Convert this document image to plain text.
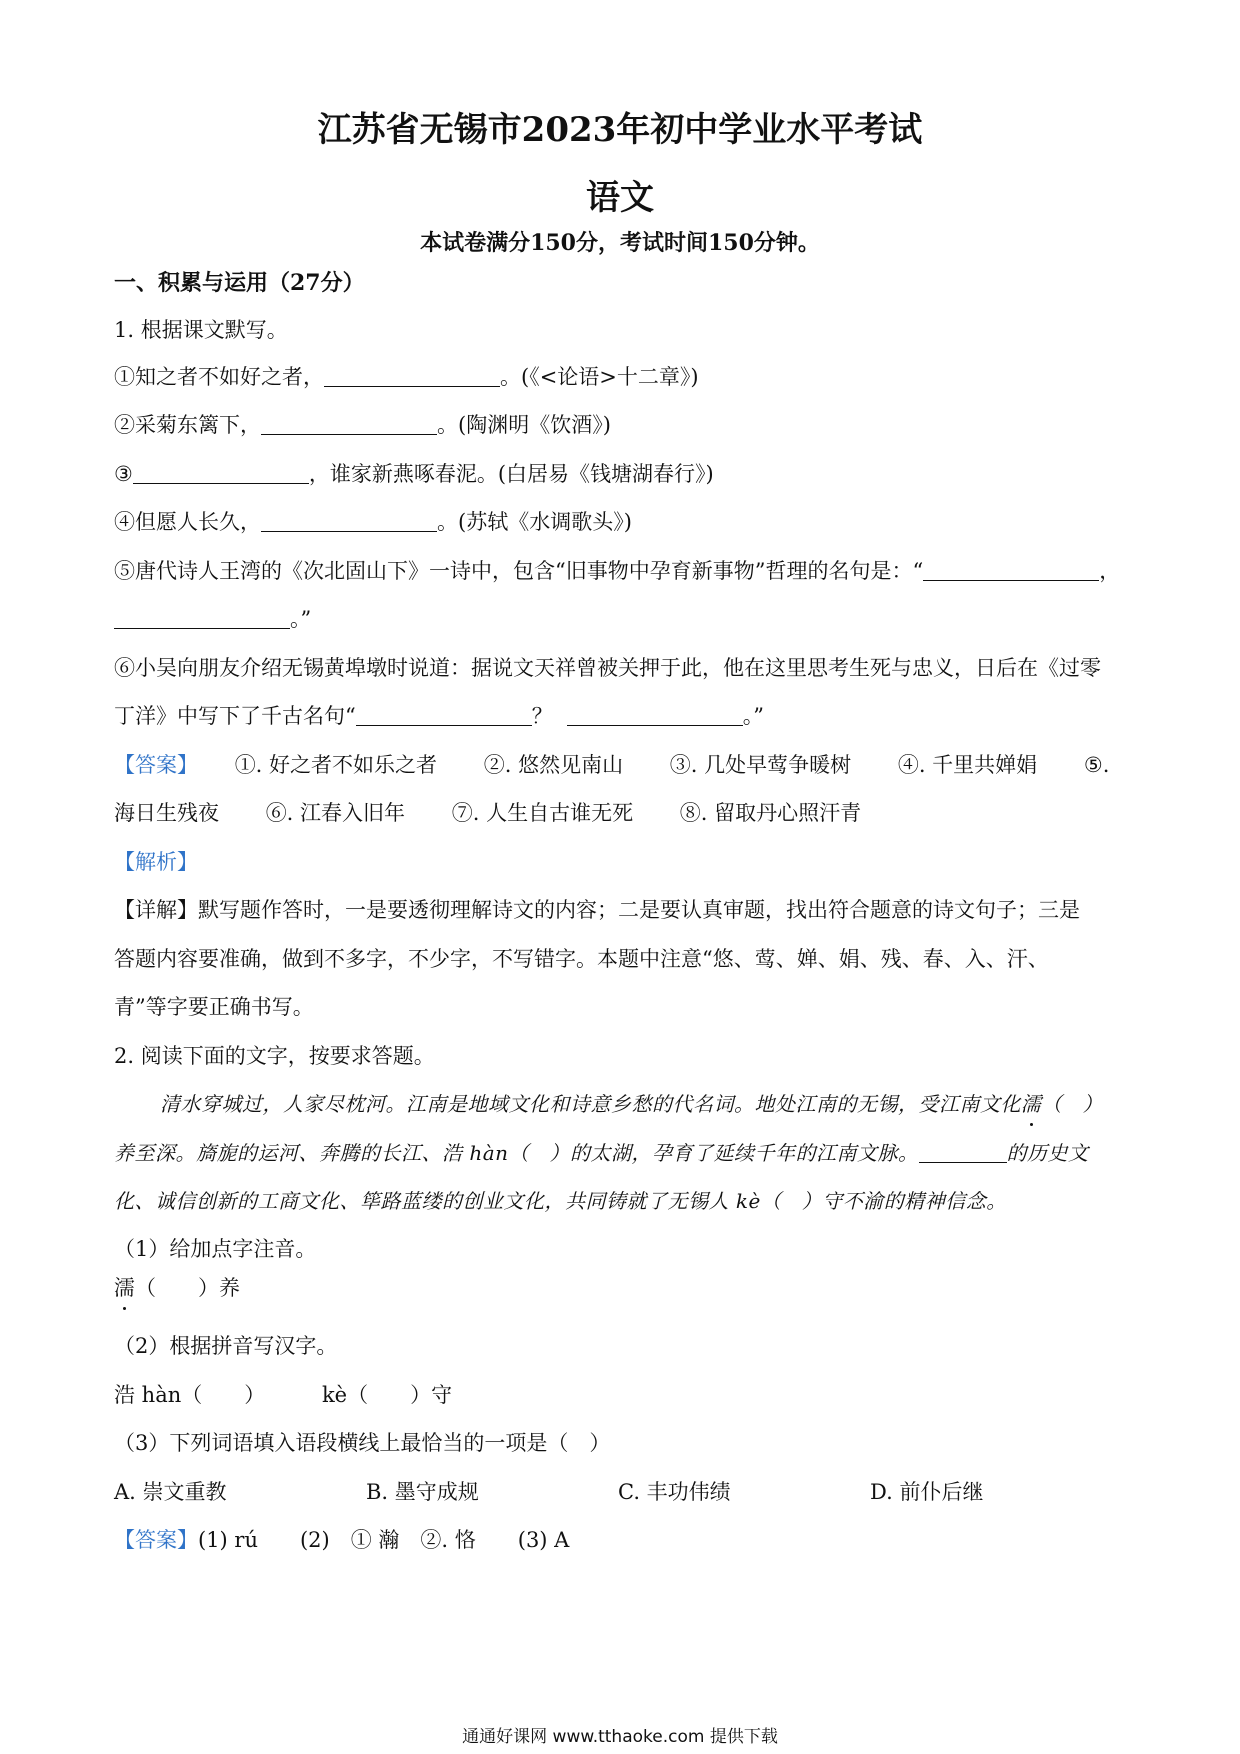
江苏省无锡市2023年初中学业水平考试
语文
本试卷满分150分，考试时间150分钟。
一、积累与运用（27分）
1. 根据课文默写。
①知之者不如好之者，	。(《<论语>十二章》)
②采菊东篱下，	。(陶渊明《饮酒》)
③	，谁家新燕啄春泥。(白居易《钱塘湖春行》)
④但愿人长久，	。(苏轼《水调歌头》)
⑤唐代诗人王湾的《次北固山下》一诗中，包含“旧事物中孕育新事物”哲理的名句是：“	，
。”
⑥小吴向朋友介绍无锡黄埠墩时说道：据说文天祥曾被关押于此，他在这里思考生死与忠义，日后在《过零
丁洋》中写下了千古名句“	？	。”
【答案】 ①. 好之者不如乐之者 ②. 悠然见南山 ③. 几处早莺争暖树 ④. 千里共婵娟 ⑤.
海日生残夜 ⑥. 江春入旧年 ⑦. 人生自古谁无死 ⑧. 留取丹心照汗青
【解析】
【详解】默写题作答时，一是要透彻理解诗文的内容；二是要认真审题，找出符合题意的诗文句子；三是
答题内容要准确，做到不多字，不少字，不写错字。本题中注意“悠、莺、婵、娟、残、春、入、汗、
青”等字要正确书写。
2. 阅读下面的文字，按要求答题。
清水穿城过，人家尽枕河。江南是地域文化和诗意乡愁的代名词。地处江南的无锡，受江南文化濡（　）
养至深。旖旎的运河、奔腾的长江、浩 hàn（　）的太湖，孕育了延续千年的江南文脉。	的历史文
化、诚信创新的工商文化、筚路蓝缕的创业文化，共同铸就了无锡人 kè（　）守不渝的精神信念。
（1）给加点字注音。
濡（　　）养
（2）根据拼音写汉字。
浩 hàn（　　）	kè（　　）守
（3）下列词语填入语段横线上最恰当的一项是（　）
A. 崇文重教	B. 墨守成规	C. 丰功伟绩	D. 前仆后继
【答案】(1) rú　　(2)　① 瀚　②. 恪　　(3) A
通通好课网 www.tthaoke.com 提供下载
